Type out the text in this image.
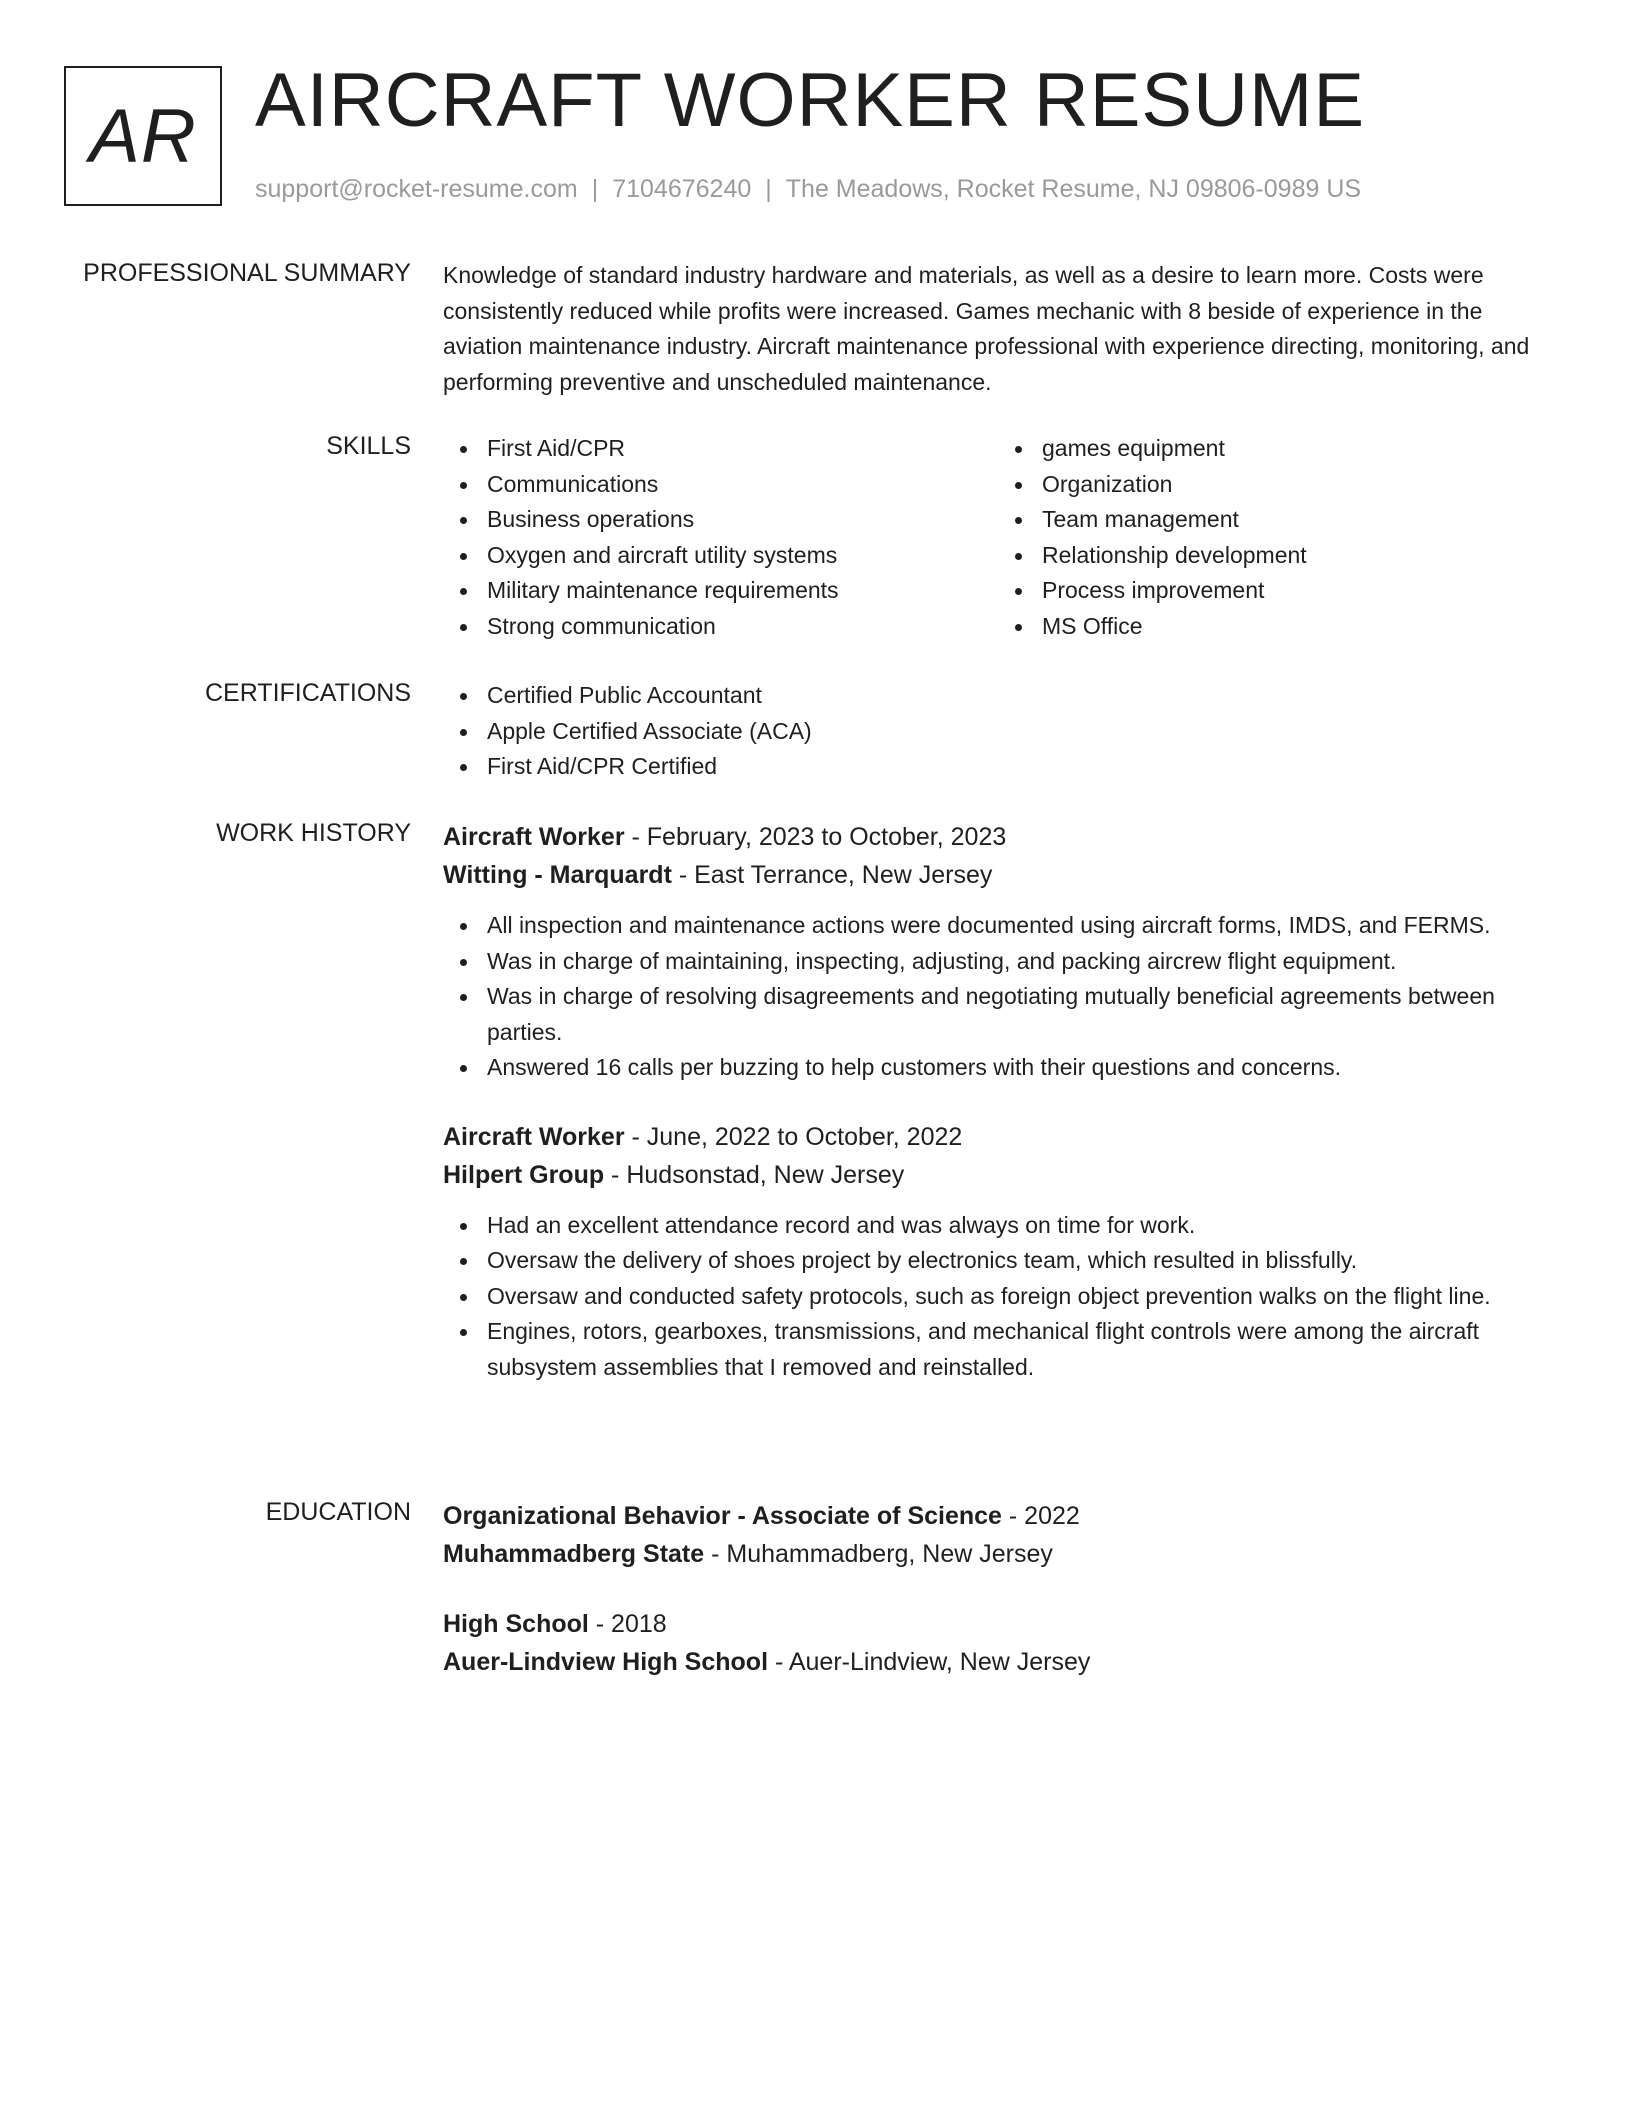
AR AIRCRAFT WORKER RESUME
support@rocket-resume.com | 7104676240 | The Meadows, Rocket Resume, NJ 09806-0989 US
PROFESSIONAL SUMMARY Knowledge of standard industry hardware and materials, as well as a desire to learn more. Costs were consistently reduced while profits were increased. Games mechanic with 8 beside of experience in the aviation maintenance industry. Aircraft maintenance professional with experience directing, monitoring, and performing preventive and unscheduled maintenance.
SKILLS	First Aid/CPR
Communications
Business operations
Oxygen and aircraft utility systems
Military maintenance requirements
Strong communication
games equipment
Organization
Team management
Relationship development
Process improvement
MS Office
CERTIFICATIONS	Certified Public Accountant
Apple Certified Associate (ACA)
First Aid/CPR Certified
WORK HISTORY Aircraft Worker - February, 2023 to October, 2023
Witting - Marquardt - East Terrance, New Jersey
All inspection and maintenance actions were documented using aircraft forms, IMDS, and FERMS.
Was in charge of maintaining, inspecting, adjusting, and packing aircrew flight equipment.
Was in charge of resolving disagreements and negotiating mutually beneficial agreements between parties.
Answered 16 calls per buzzing to help customers with their questions and concerns.
Aircraft Worker - June, 2022 to October, 2022
Hilpert Group - Hudsonstad, New Jersey
Had an excellent attendance record and was always on time for work.
Oversaw the delivery of shoes project by electronics team, which resulted in blissfully.
Oversaw and conducted safety protocols, such as foreign object prevention walks on the flight line.
Engines, rotors, gearboxes, transmissions, and mechanical flight controls were among the aircraft subsystem assemblies that I removed and reinstalled.
EDUCATION Organizational Behavior - Associate of Science - 2022
Muhammadberg State - Muhammadberg, New Jersey
High School - 2018
Auer-Lindview High School - Auer-Lindview, New Jersey
